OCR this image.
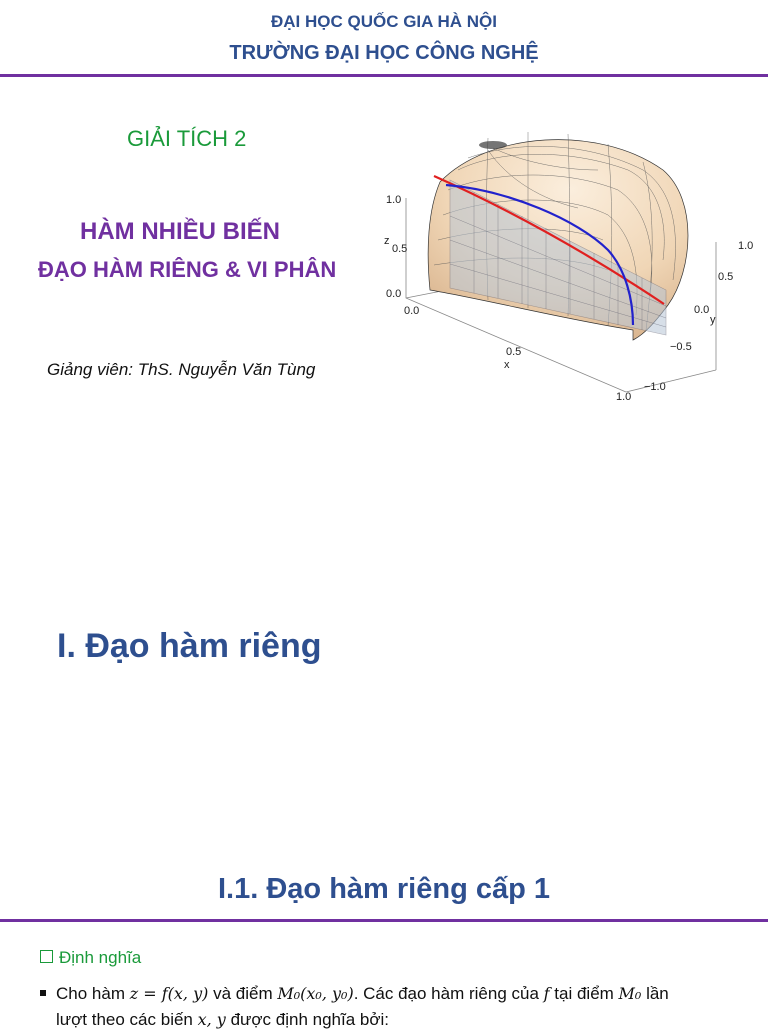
ĐẠI HỌC QUỐC GIA HÀ NỘI
TRƯỜNG ĐẠI HỌC CÔNG NGHỆ
GIẢI TÍCH 2
HÀM NHIỀU BIẾN
ĐẠO HÀM RIÊNG & VI PHÂN
Giảng viên: ThS. Nguyễn Văn Tùng
1.0
0.5
z
0.0
0.0
0.5
x
1.0
1.0
0.5
0.0
y
−0.5
−1.0
I. Đạo hàm riêng
I.1. Đạo hàm riêng cấp 1
Định nghĩa
Cho hàm z = f(x, y) và điểm M₀(x₀, y₀). Các đạo hàm riêng của f tại điểm M₀ lần
lượt theo các biến x, y được định nghĩa bởi:
